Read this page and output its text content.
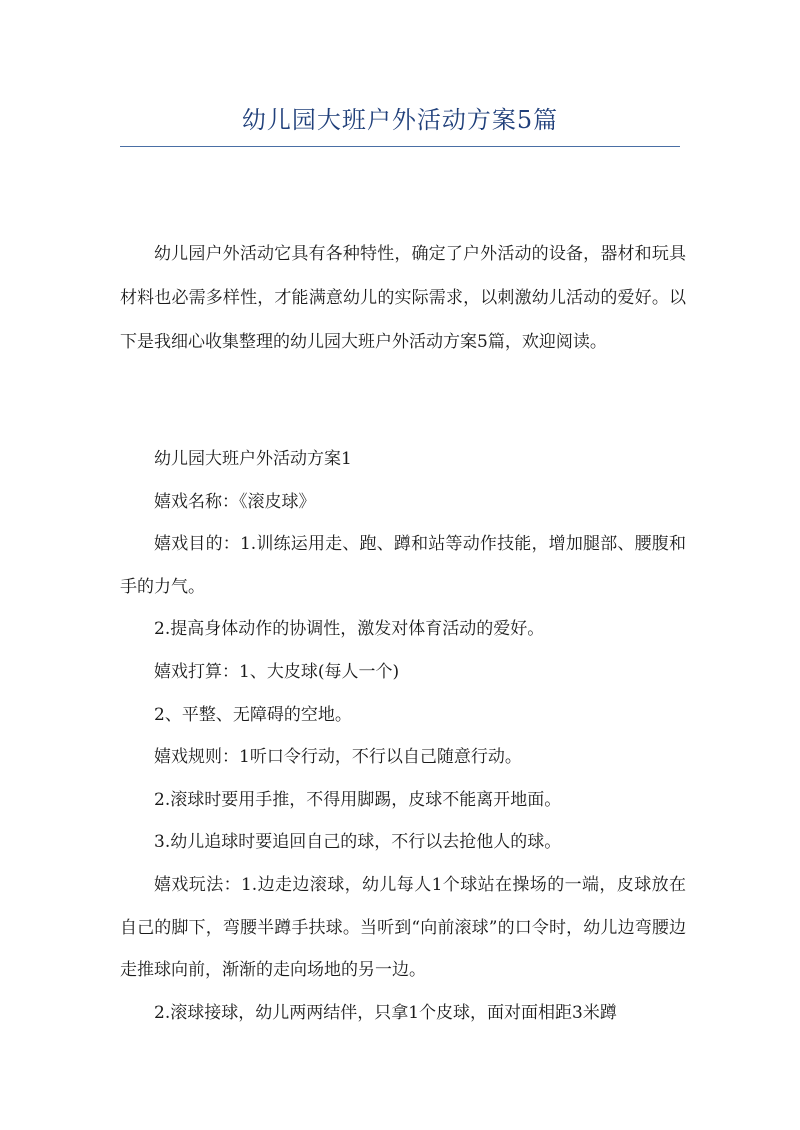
幼儿园大班户外活动方案5篇

幼儿园户外活动它具有各种特性，确定了户外活动的设备，器材和玩具材料也必需多样性，才能满意幼儿的实际需求，以刺激幼儿活动的爱好。以下是我细心收集整理的幼儿园大班户外活动方案5篇，欢迎阅读。

幼儿园大班户外活动方案1

嬉戏名称：《滚皮球》

嬉戏目的：1.训练运用走、跑、蹲和站等动作技能，增加腿部、腰腹和手的力气。

2.提高身体动作的协调性，激发对体育活动的爱好。

嬉戏打算：1、大皮球(每人一个)

2、平整、无障碍的空地。

嬉戏规则：1听口令行动，不行以自己随意行动。

2.滚球时要用手推，不得用脚踢，皮球不能离开地面。

3.幼儿追球时要追回自己的球，不行以去抢他人的球。

嬉戏玩法：1.边走边滚球，幼儿每人1个球站在操场的一端，皮球放在自己的脚下，弯腰半蹲手扶球。当听到“向前滚球”的口令时，幼儿边弯腰边走推球向前，渐渐的走向场地的另一边。

2.滚球接球，幼儿两两结伴，只拿1个皮球，面对面相距3米蹲
